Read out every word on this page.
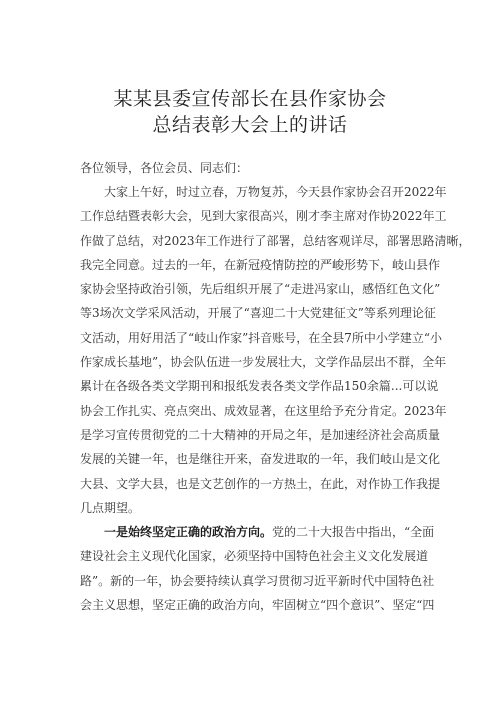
某某县委宣传部长在县作家协会
总结表彰大会上的讲话
各位领导，各位会员、同志们：
大家上午好，时过立春，万物复苏，今天县作家协会召开2022年
工作总结暨表彰大会，见到大家很高兴，刚才李主席对作协2022年工
作做了总结，对2023年工作进行了部署，总结客观详尽，部署思路清晰，
我完全同意。过去的一年，在新冠疫情防控的严峻形势下，岐山县作
家协会坚持政治引领，先后组织开展了“走进冯家山，感悟红色文化”
等3场次文学采风活动，开展了“喜迎二十大党建征文”等系列理论征
文活动，用好用活了“岐山作家”抖音账号，在全县7所中小学建立“小
作家成长基地”，协会队伍进一步发展壮大，文学作品层出不群，全年
累计在各级各类文学期刊和报纸发表各类文学作品150余篇...可以说
协会工作扎实、亮点突出、成效显著，在这里给予充分肯定。2023年
是学习宣传贯彻党的二十大精神的开局之年，是加速经济社会高质量
发展的关键一年，也是继往开来，奋发进取的一年，我们岐山是文化
大县、文学大县，也是文艺创作的一方热土，在此，对作协工作我提
几点期望。
一是始终坚定正确的政治方向。党的二十大报告中指出，“全面
建设社会主义现代化国家，必须坚持中国特色社会主义文化发展道
路”。新的一年，协会要持续认真学习贯彻习近平新时代中国特色社
会主义思想，坚定正确的政治方向，牢固树立“四个意识”、坚定“四
